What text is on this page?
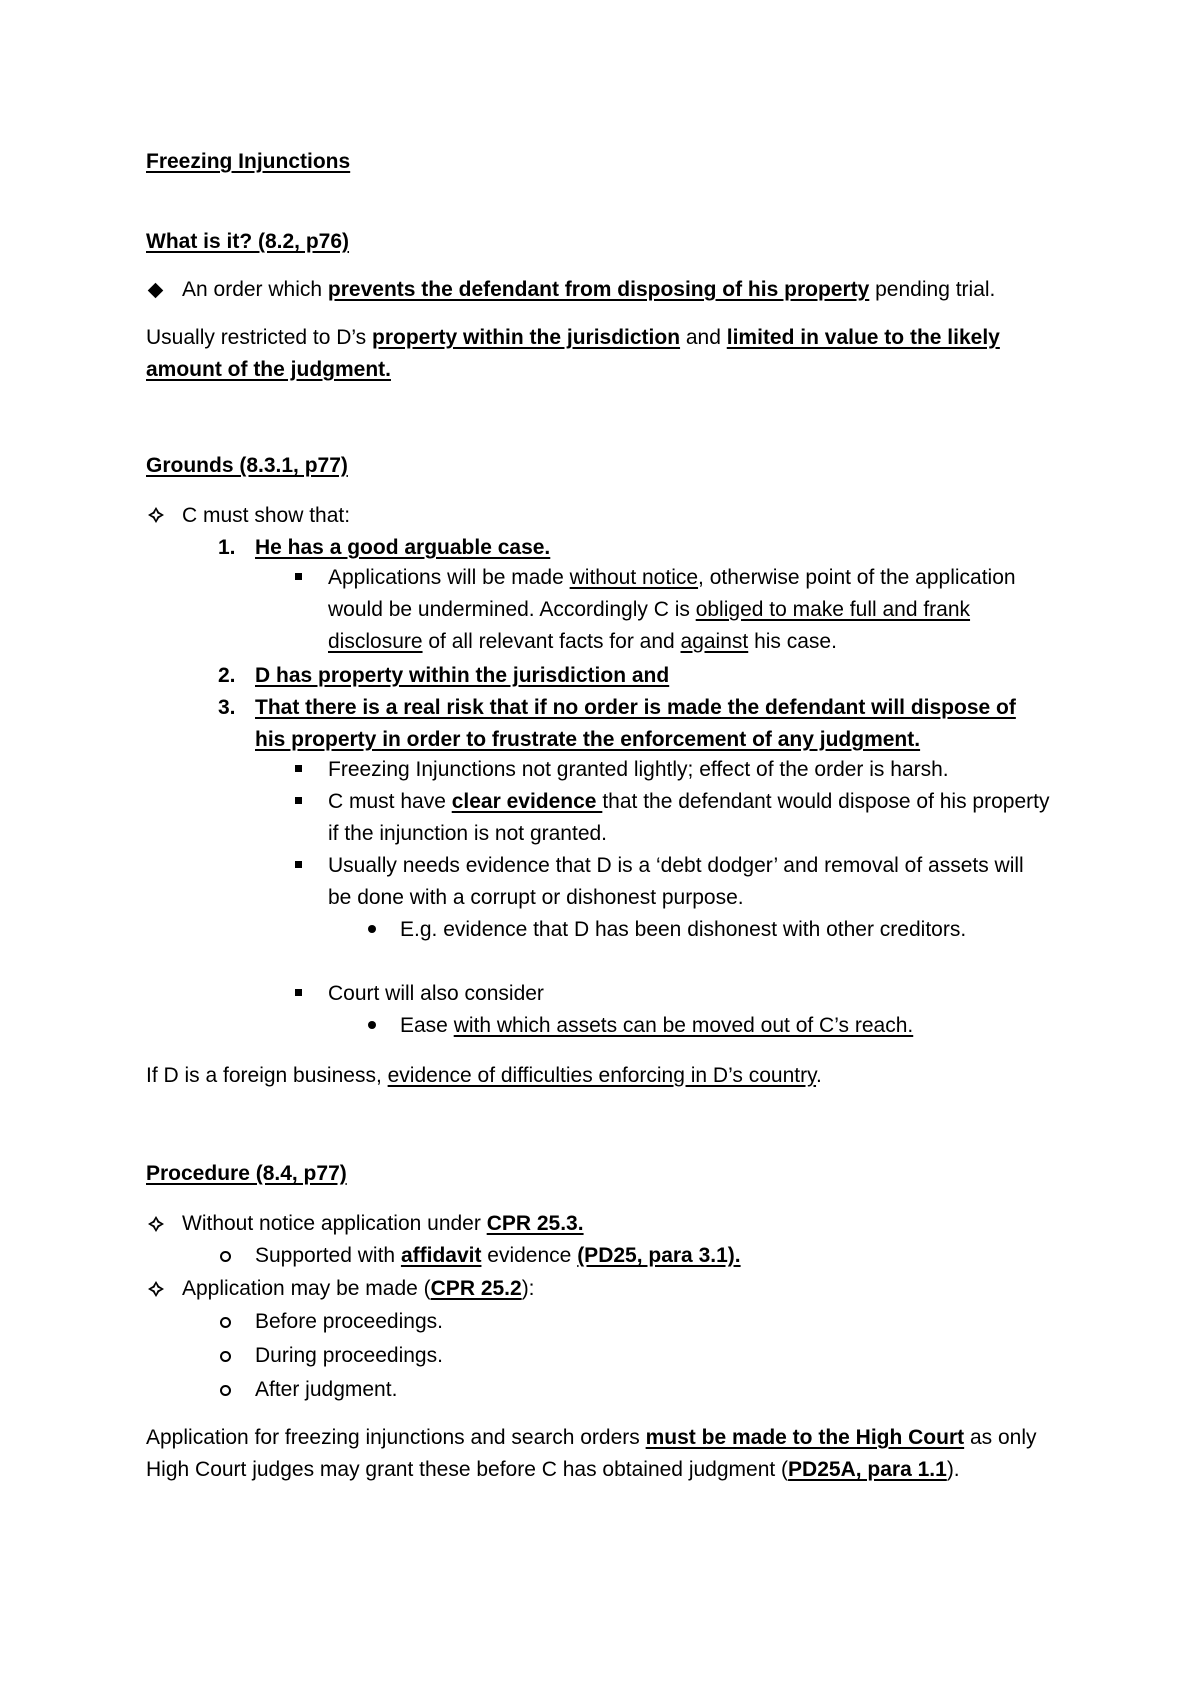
Freezing Injunctions

What is it? (8.2, p76)

An order which prevents the defendant from disposing of his property pending trial.

Usually restricted to D’s property within the jurisdiction and limited in value to the likely amount of the judgment.

Grounds (8.3.1, p77)

C must show that:

1. He has a good arguable case.

Applications will be made without notice, otherwise point of the application would be undermined. Accordingly C is obliged to make full and frank disclosure of all relevant facts for and against his case.

2. D has property within the jurisdiction and

3. That there is a real risk that if no order is made the defendant will dispose of his property in order to frustrate the enforcement of any judgment.

Freezing Injunctions not granted lightly; effect of the order is harsh.

C must have clear evidence that the defendant would dispose of his property if the injunction is not granted.

Usually needs evidence that D is a ‘debt dodger’ and removal of assets will be done with a corrupt or dishonest purpose.

E.g. evidence that D has been dishonest with other creditors.

Court will also consider

Ease with which assets can be moved out of C’s reach.

If D is a foreign business, evidence of difficulties enforcing in D’s country.

Procedure (8.4, p77)

Without notice application under CPR 25.3.

Supported with affidavit evidence (PD25, para 3.1).

Application may be made (CPR 25.2):

Before proceedings.

During proceedings.

After judgment.

Application for freezing injunctions and search orders must be made to the High Court as only High Court judges may grant these before C has obtained judgment (PD25A, para 1.1).
